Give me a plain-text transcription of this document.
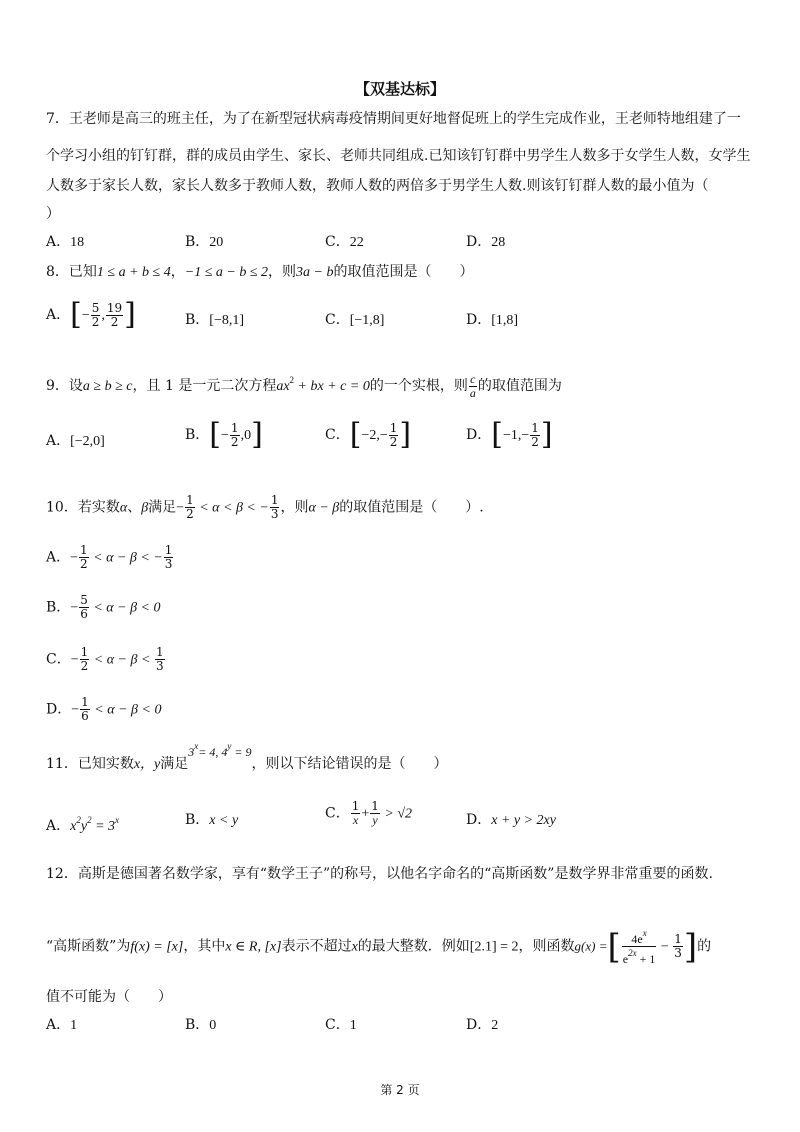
【双基达标】
7．王老师是高三的班主任，为了在新型冠状病毒疫情期间更好地督促班上的学生完成作业，王老师特地组建了一
个学习小组的钉钉群，群的成员由学生、家长、老师共同组成.已知该钉钉群中男学生人数多于女学生人数，女学生
人数多于家长人数，家长人数多于教师人数，教师人数的两倍多于男学生人数.则该钉钉群人数的最小值为（
）
A．18	B．20	C．22	D．28
8．已知1 ≤ a + b ≤ 4，−1 ≤ a − b ≤ 2，则3a − b的取值范围是（　　）
A．[− $\frac{5}{2}$ , $\frac{19}{2}$ ]	B．[−8,1]	C．[−1,8]	D．[1,8]
9．设a ≥ b ≥ c，且 1 是一元二次方程$ax^2$ + bx + c = 0的一个实根，则 $\frac{c}{a}$ 的取值范围为
A．[−2,0]	B．[− $\frac{1}{2} ,0$]	C．[$-2,- \frac{1}{2}$ ]	D．[$-1,- \frac{1}{2}$ ]
10．若实数α、β满足− $\frac{1}{2} < \alpha < \beta$ < − $\frac{1}{3}$ ，则α − β的取值范围是（　　）.
A．− $\frac{1}{2} < \alpha - \beta$ < − $\frac{1}{3}$
B．− $\frac{5}{6} < \alpha - \beta < 0$
C．− $\frac{1}{2} < \alpha - \beta < \frac{1}{3}$
D．− $\frac{1}{6} < \alpha - \beta < 0$
11．已知实数x，y满足$3^x= 4$, $4^y = 9$，则以下结论错误的是（　　）
A．$x^2y^2 = 3^x$	B．x < y	C． $\frac{1}{x} + \frac{1}{y} > √2$	D．x + y > 2xy
12．高斯是德国著名数学家，享有“数学王子”的称号，以他名字命名的“高斯函数”是数学界非常重要的函数.
“高斯函数”为f(x) = [x]，其中x ∈ R, [x]表示不超过x的最大整数．例如[2.1] = 2，则函数g(x) =[ $\frac{4e^x}{e^{2x} + 1} - \frac{1}{3}$ ]的
值不可能为（　　）
A．1	B．0	C．1	D．2
第 2 页
